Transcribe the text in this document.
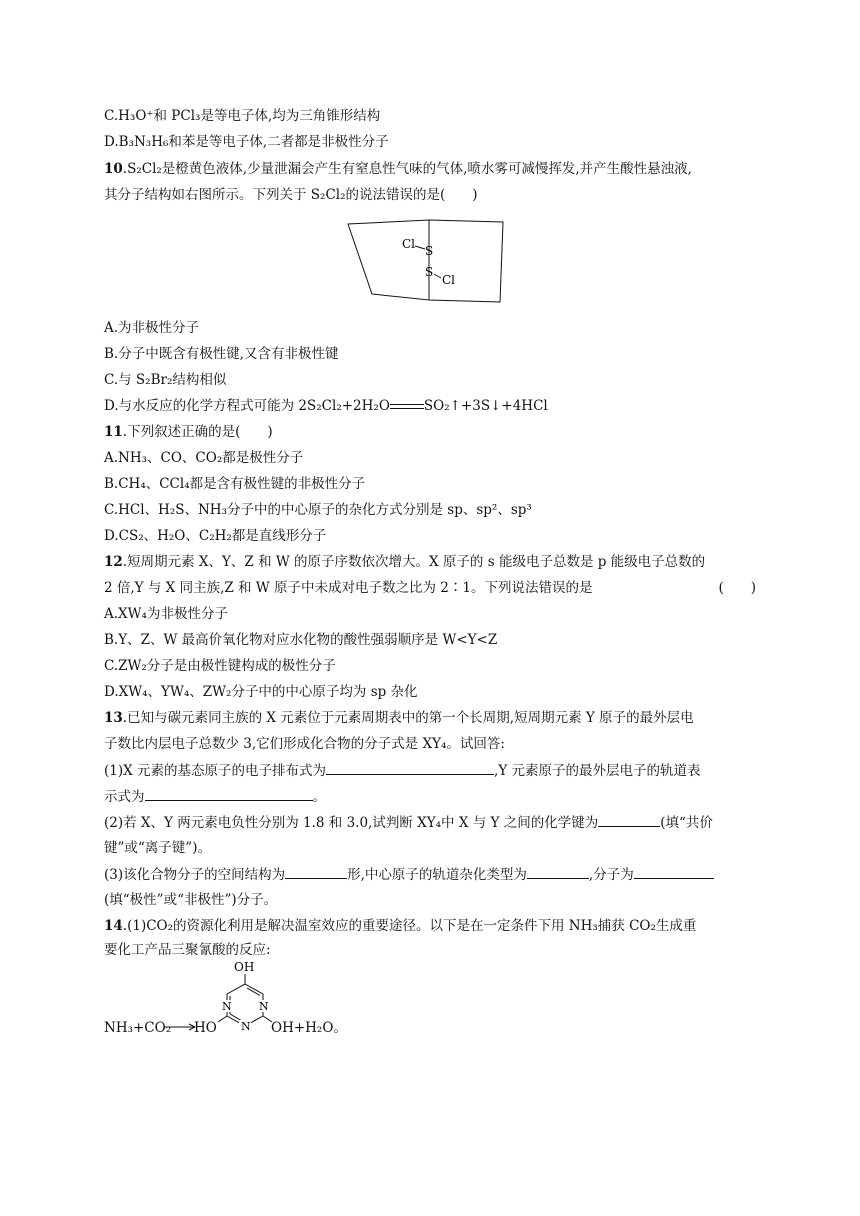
C.H₃O⁺和 PCl₃是等电子体,均为三角锥形结构
D.B₃N₃H₆和苯是等电子体,二者都是非极性分子
10.S₂Cl₂是橙黄色液体,少量泄漏会产生有窒息性气味的气体,喷水雾可减慢挥发,并产生酸性悬浊液,
其分子结构如右图所示。下列关于 S₂Cl₂的说法错误的是(　　)
Cl S
S
Cl
A.为非极性分子
B.分子中既含有极性键,又含有非极性键
C.与 S₂Br₂结构相似
D.与水反应的化学方程式可能为 2S₂Cl₂+2H₂O	SO₂↑+3S↓+4HCl
11.下列叙述正确的是(　　)
A.NH₃、CO、CO₂都是极性分子
B.CH₄、CCl₄都是含有极性键的非极性分子
C.HCl、H₂S、NH₃分子中的中心原子的杂化方式分别是 sp、sp²、sp³
D.CS₂、H₂O、C₂H₂都是直线形分子
12.短周期元素 X、Y、Z 和 W 的原子序数依次增大。X 原子的 s 能级电子总数是 p 能级电子总数的
2 倍,Y 与 X 同主族,Z 和 W 原子中未成对电子数之比为 2∶1。下列说法错误的是	(　　)
A.XW₄为非极性分子
B.Y、Z、W 最高价氧化物对应水化物的酸性强弱顺序是 W<Y<Z
C.ZW₂分子是由极性键构成的极性分子
D.XW₄、YW₄、ZW₂分子中的中心原子均为 sp 杂化
13.已知与碳元素同主族的 X 元素位于元素周期表中的第一个长周期,短周期元素 Y 原子的最外层电
子数比内层电子总数少 3,它们形成化合物的分子式是 XY₄。试回答:
(1)X 元素的基态原子的电子排布式为	,Y 元素原子的最外层电子的轨道表
示式为	。
(2)若 X、Y 两元素电负性分别为 1.8 和 3.0,试判断 XY₄中 X 与 Y 之间的化学键为	(填“共价
键”或“离子键”)。
(3)该化合物分子的空间结构为	形,中心原子的轨道杂化类型为	,分子为
(填“极性”或“非极性”)分子。
14.(1)CO₂的资源化利用是解决温室效应的重要途径。以下是在一定条件下用 NH₃捕获 CO₂生成重
要化工产品三聚氰酸的反应:
NH₃+CO₂ HO
OH
N N
N OH+H₂O。
